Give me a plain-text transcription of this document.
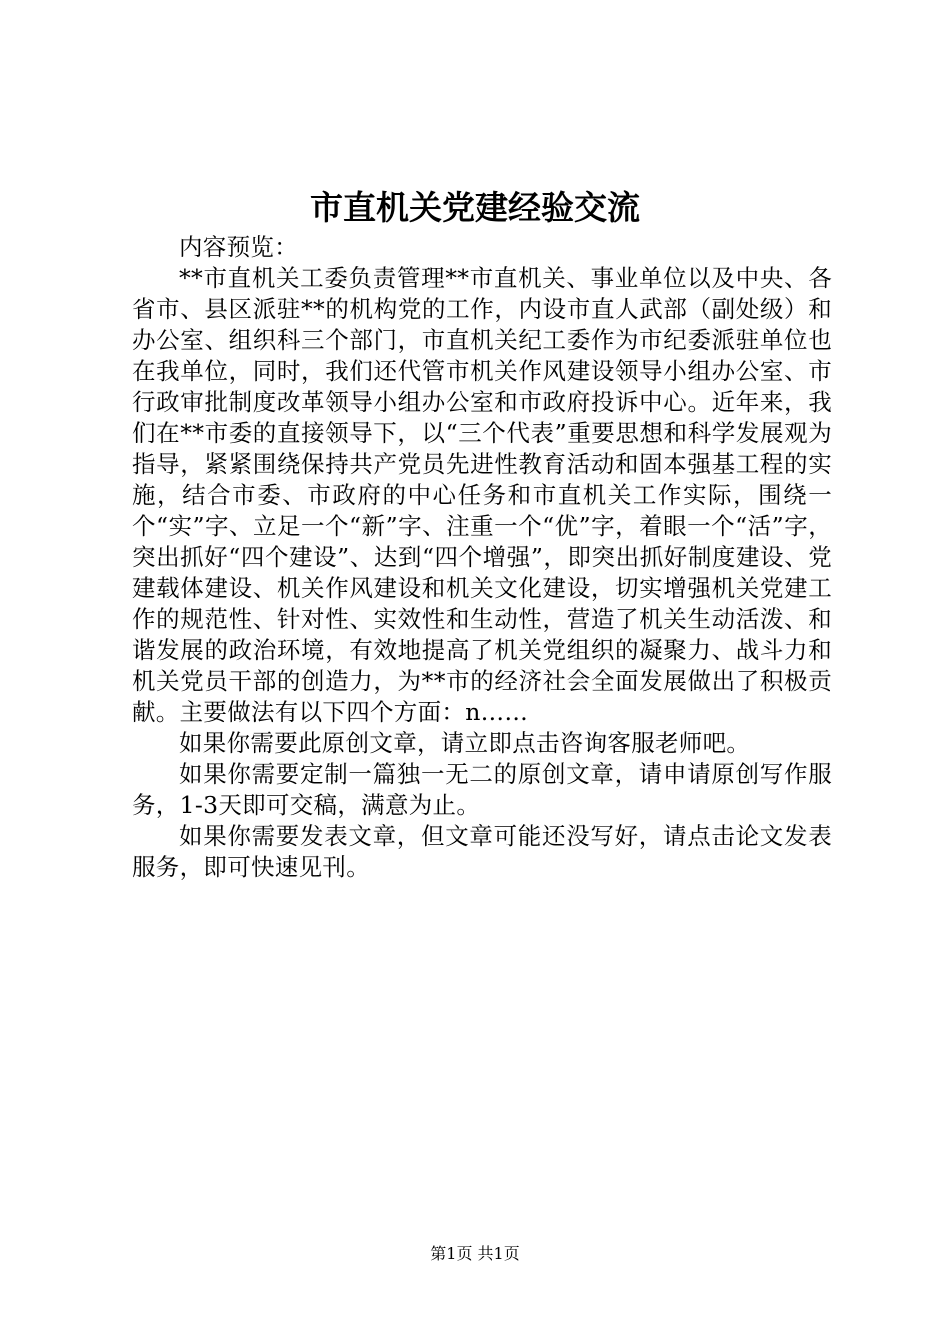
市直机关党建经验交流

内容预览：

**市直机关工委负责管理**市直机关、事业单位以及中央、各省市、县区派驻**的机构党的工作，内设市直人武部（副处级）和办公室、组织科三个部门，市直机关纪工委作为市纪委派驻单位也在我单位，同时，我们还代管市机关作风建设领导小组办公室、市行政审批制度改革领导小组办公室和市政府投诉中心。近年来，我们在**市委的直接领导下，以“三个代表”重要思想和科学发展观为指导，紧紧围绕保持共产党员先进性教育活动和固本强基工程的实施，结合市委、市政府的中心任务和市直机关工作实际，围绕一个“实”字、立足一个“新”字、注重一个“优”字，着眼一个“活”字，突出抓好“四个建设”、达到“四个增强”，即突出抓好制度建设、党建载体建设、机关作风建设和机关文化建设，切实增强机关党建工作的规范性、针对性、实效性和生动性，营造了机关生动活泼、和谐发展的政治环境，有效地提高了机关党组织的凝聚力、战斗力和机关党员干部的创造力，为**市的经济社会全面发展做出了积极贡献。主要做法有以下四个方面：n……

如果你需要此原创文章，请立即点击咨询客服老师吧。

如果你需要定制一篇独一无二的原创文章，请申请原创写作服务，1-3天即可交稿，满意为止。

如果你需要发表文章，但文章可能还没写好，请点击论文发表服务，即可快速见刊。

第1页 共1页
